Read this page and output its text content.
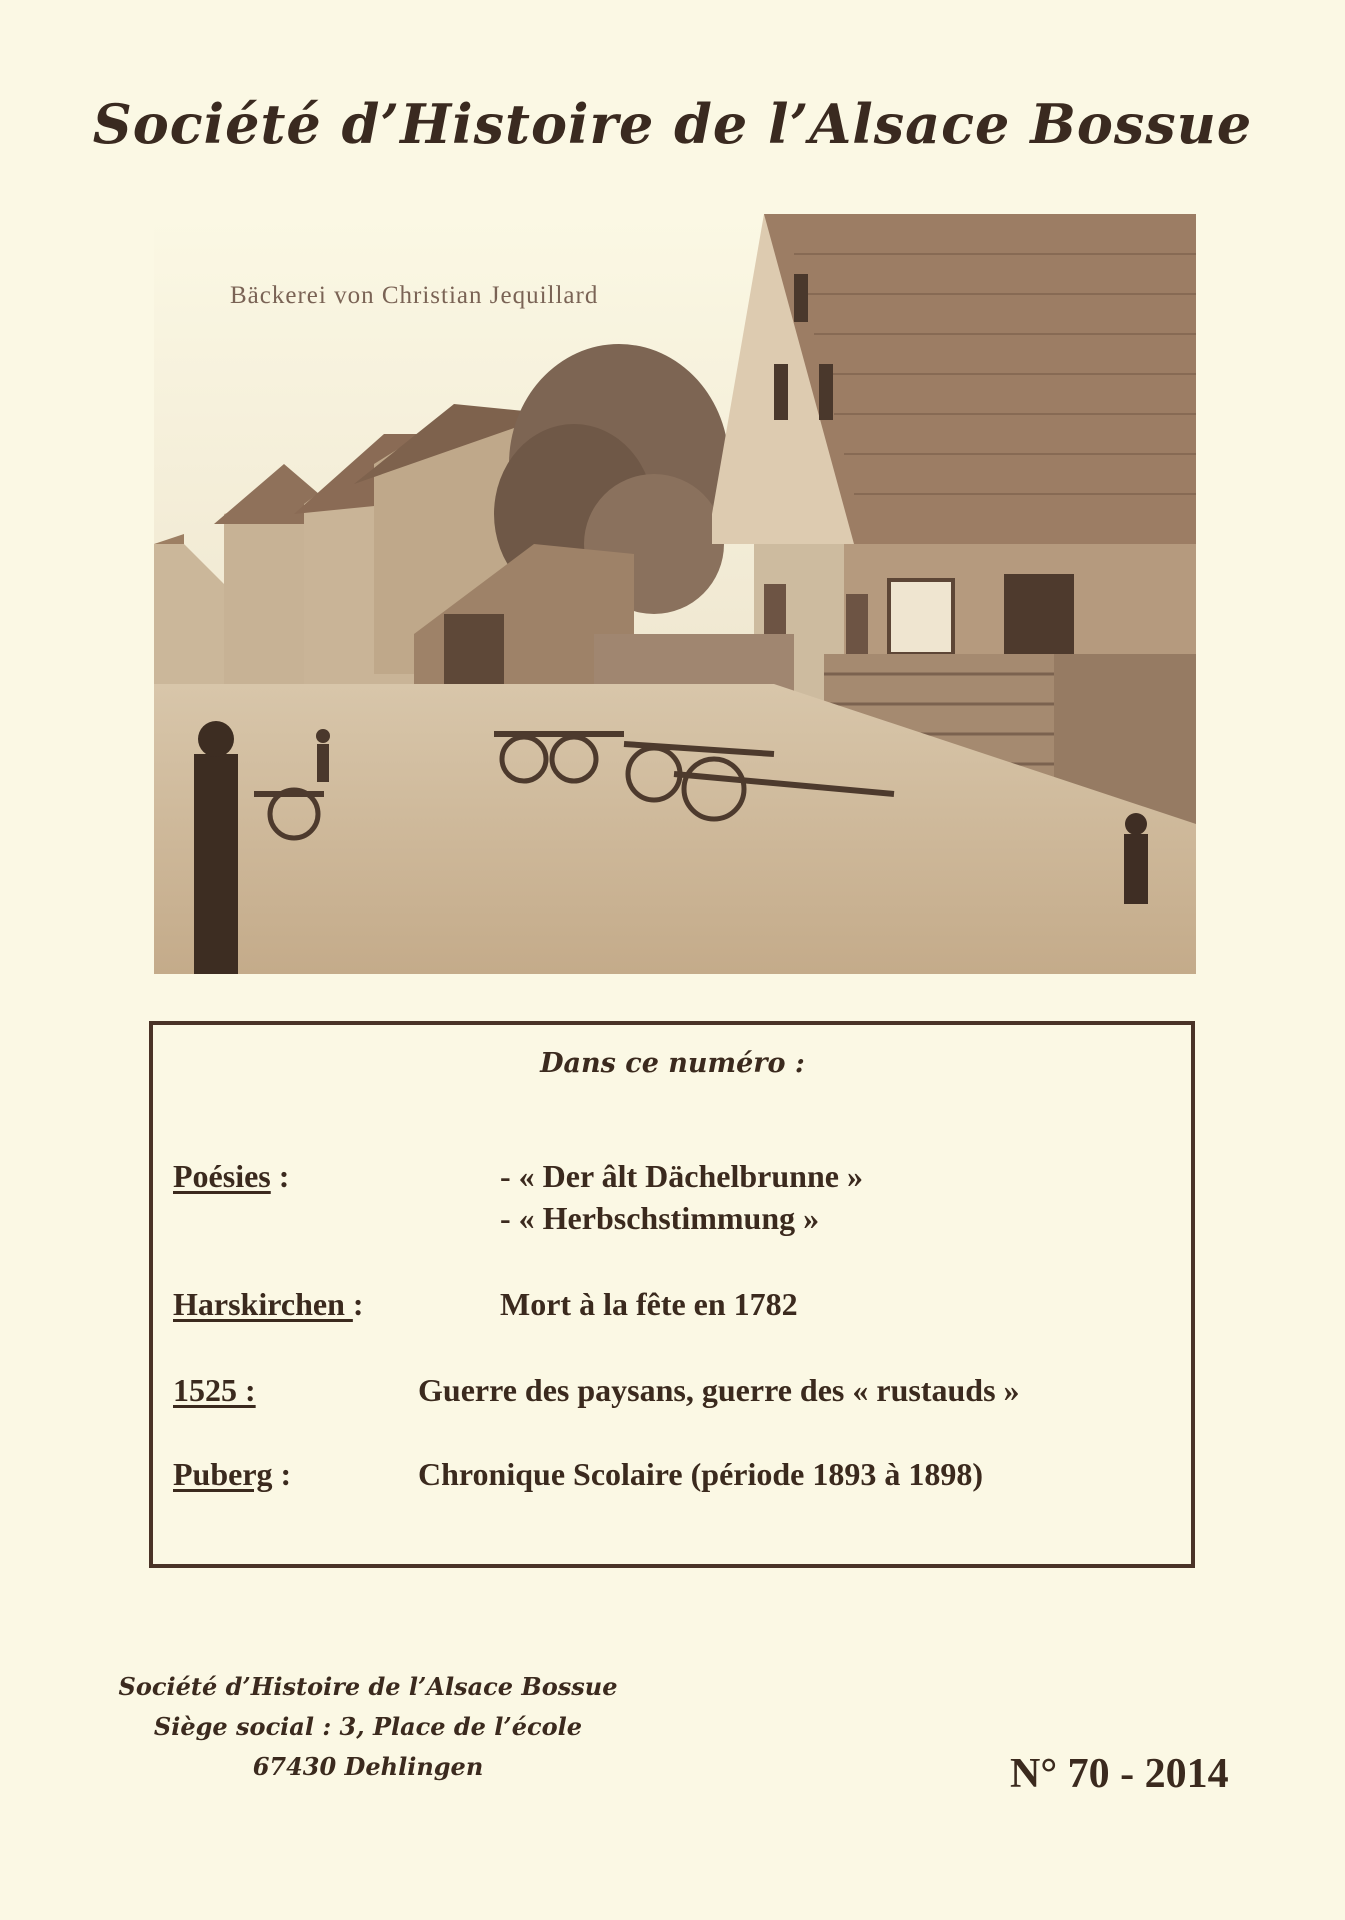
Société d’Histoire de l’Alsace Bossue
Bäckerei von Christian Jequillard
Dans ce numéro :
Poésies :	- « Der âlt Dächelbrunne »
- « Herbschstimmung »
Harskirchen :	Mort à la fête en 1782
1525 :	Guerre des paysans, guerre des « rustauds »
Puberg :	Chronique Scolaire (période 1893 à 1898)
Société d’Histoire de l’Alsace Bossue
Siège social : 3, Place de l’école
67430 Dehlingen	N° 70 - 2014
